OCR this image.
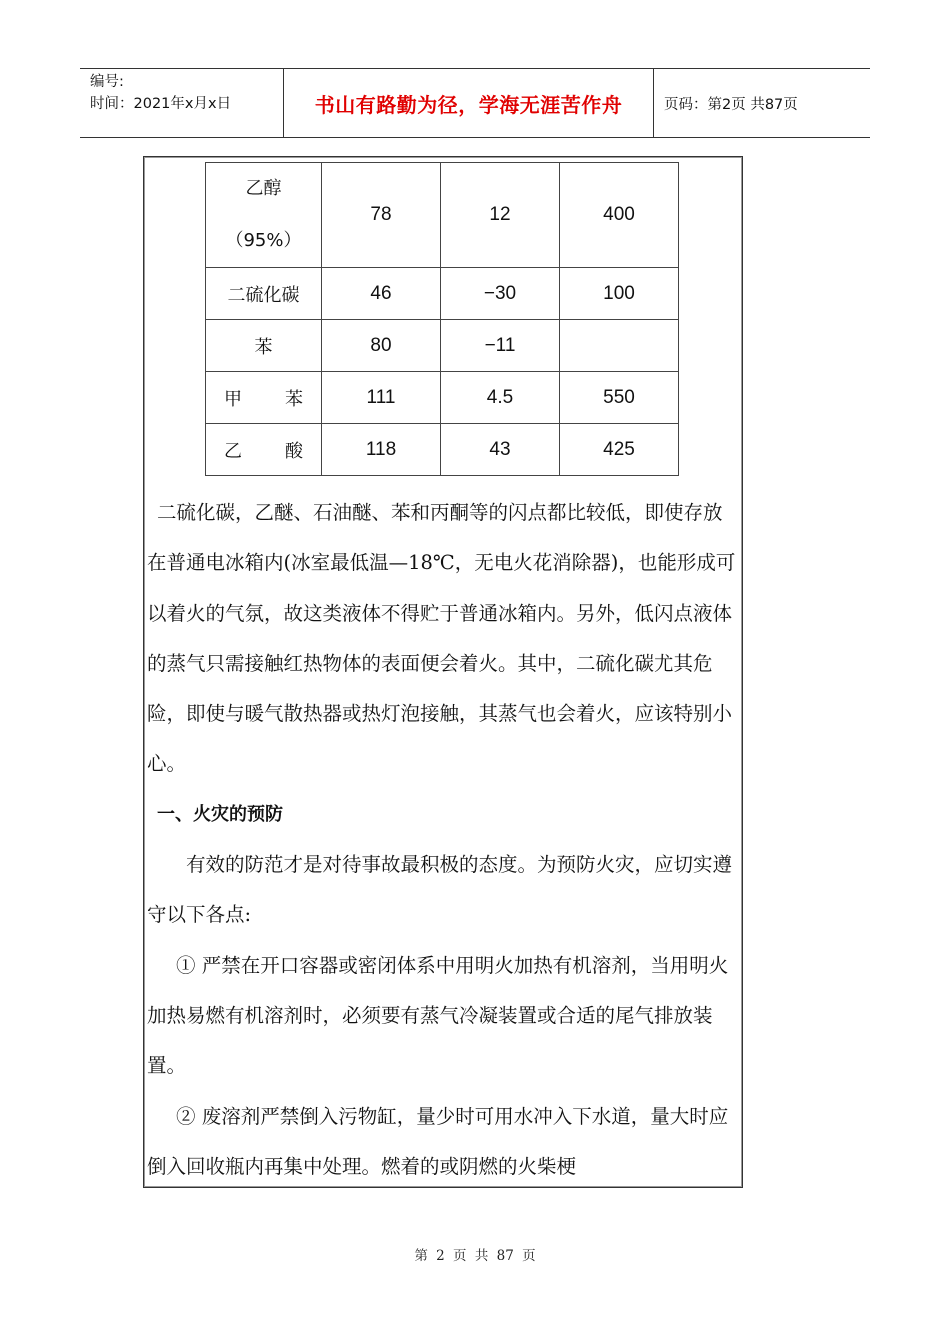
编号:
时间：2021年x月x日	书山有路勤为径，学海无涯苦作舟	页码：第2页 共87页
乙醇
（95%）	78	12	400
二硫化碳	46	−30	100
苯	80	−11	

甲 苯	111	4.5	550

乙 酸	118	43	425

二硫化碳，乙醚、石油醚、苯和丙酮等的闪点都比较低，即使存放在普通电冰箱内(冰室最低温—18℃，无电火花消除器)，也能形成可以着火的气氛，故这类液体不得贮于普通冰箱内。另外，低闪点液体的蒸气只需接触红热物体的表面便会着火。其中，二硫化碳尤其危险，即使与暖气散热器或热灯泡接触，其蒸气也会着火，应该特别小心。

一、火灾的预防

有效的防范才是对待事故最积极的态度。为预防火灾，应切实遵守以下各点:

① 严禁在开口容器或密闭体系中用明火加热有机溶剂，当用明火加热易燃有机溶剂时，必须要有蒸气冷凝装置或合适的尾气排放装置。

② 废溶剂严禁倒入污物缸，量少时可用水冲入下水道，量大时应倒入回收瓶内再集中处理。燃着的或阴燃的火柴梗

第 2 页 共 87 页
